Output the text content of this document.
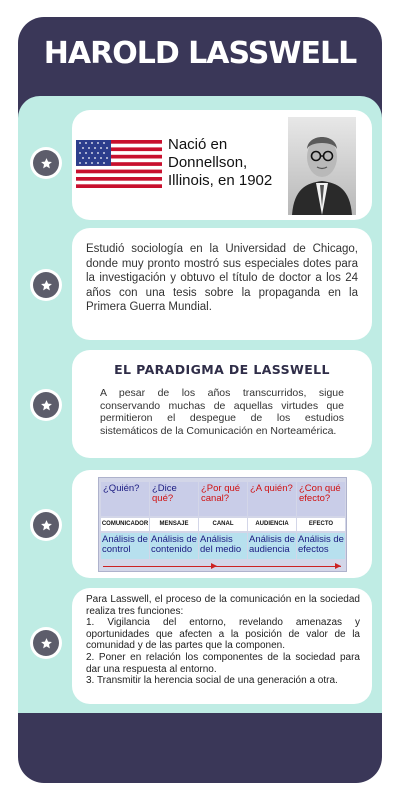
HAROLD LASSWELL
Nació en
Donnellson,
Illinois, en 1902

Estudió sociología en la Universidad de Chicago, donde muy pronto mostró sus especiales dotes para la investigación y obtuvo el título de doctor a los 24 años con una tesis sobre la propaganda en la Primera Guerra Mundial.

EL PARADIGMA DE LASSWELL

A pesar de los años transcurridos, sigue conservando muchas de aquellas virtudes que permitieron el despegue de los estudios sistemáticos de la Comunicación en Norteamérica.

¿Quién?
COMUNICADOR
Análisis de control
¿Dice qué?
MENSAJE
Análisis de contenido
¿Por qué canal?
CANAL
Análisis del medio
¿A quién?
AUDIENCIA
Análisis de audiencia
¿Con qué efecto?
EFECTO
Análisis de efectos

Para Lasswell, el proceso de la comunicación en la sociedad realiza tres funciones:

1. Vigilancia del entorno, revelando amenazas y oportunidades que afecten a la posición de valor de la comunidad y de las partes que la componen.

2. Poner en relación los componentes de la sociedad para dar una respuesta al entorno.

3. Transmitir la herencia social de una generación a otra.
